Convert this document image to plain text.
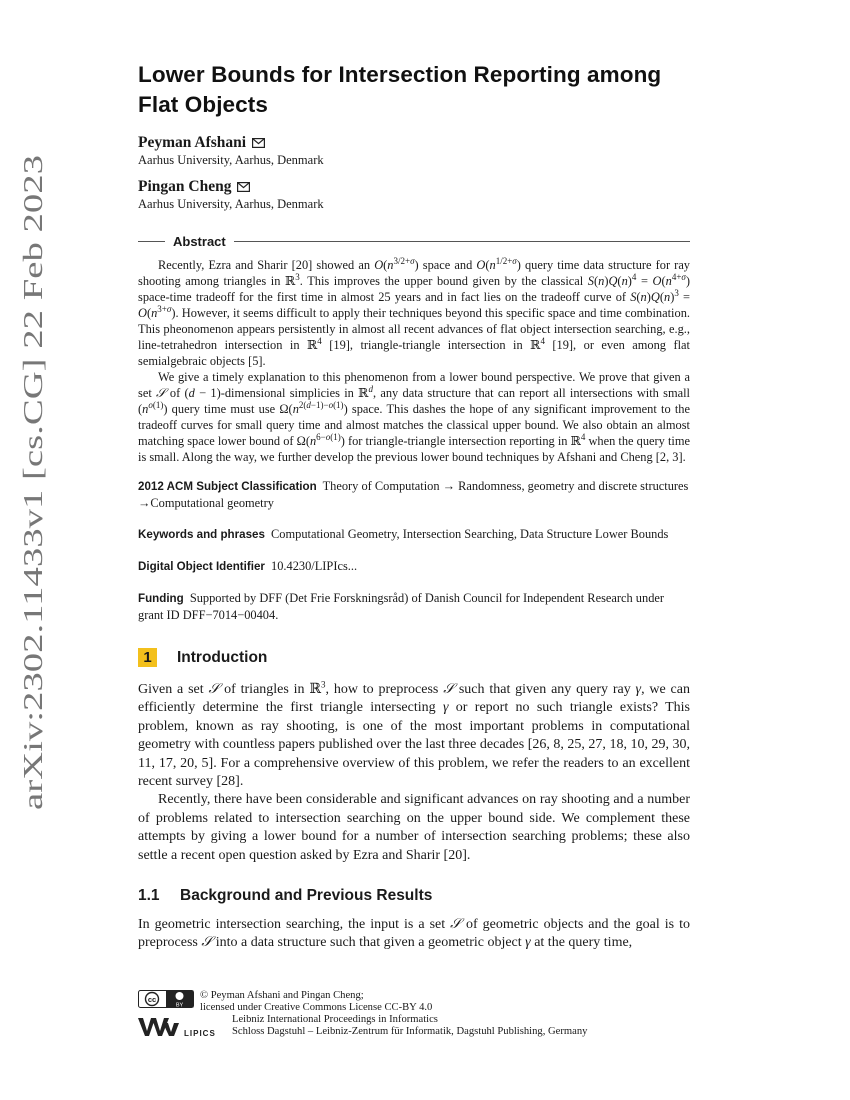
arXiv:2302.11433v1 [cs.CG] 22 Feb 2023
Lower Bounds for Intersection Reporting among Flat Objects
Peyman Afshani
Aarhus University, Aarhus, Denmark
Pingan Cheng
Aarhus University, Aarhus, Denmark
Abstract

Recently, Ezra and Sharir [20] showed an $O(n^{3/2+\sigma})$ space and $O(n^{1/2+\sigma})$ query time data structure for ray shooting among triangles in ℝ$^3$. This improves the upper bound given by the classical $S(n)Q(n)^4 = O(n^{4+\sigma})$ space-time tradeoff for the first time in almost 25 years and in fact lies on the tradeoff curve of $S(n)Q(n)^3 = O(n^{3+\sigma})$. However, it seems difficult to apply their techniques beyond this specific space and time combination. This pheonomenon appears persistently in almost all recent advances of flat object intersection searching, e.g., line-tetrahedron intersection in ℝ$^4$ [19], triangle-triangle intersection in ℝ$^4$ [19], or even among flat semialgebraic objects [5].

We give a timely explanation to this phenomenon from a lower bound perspective. We prove that given a set 𝒮 of (d − 1)-dimensional simplicies in ℝ$^d$, any data structure that can report all intersections with small $(n^{o(1)})$ query time must use $\Omega(n^{2(d-1)-o(1)})$ space. This dashes the hope of any significant improvement to the tradeoff curves for small query time and almost matches the classical upper bound. We also obtain an almost matching space lower bound of $\Omega(n^{6-o(1)})$ for triangle-triangle intersection reporting in ℝ$^4$ when the query time is small. Along the way, we further develop the previous lower bound techniques by Afshani and Cheng [2, 3].

2012 ACM Subject Classification Theory of Computation → Randomness, geometry and discrete structures →Computational geometry
Keywords and phrases Computational Geometry, Intersection Searching, Data Structure Lower Bounds
Digital Object Identifier 10.4230/LIPIcs...
Funding Supported by DFF (Det Frie Forskningsråd) of Danish Council for Independent Research under grant ID DFF−7014−00404.
1	Introduction

Given a set 𝒮 of triangles in ℝ$^3$, how to preprocess 𝒮 such that given any query ray γ, we can efficiently determine the first triangle intersecting γ or report no such triangle exists? This problem, known as ray shooting, is one of the most important problems in computational geometry with countless papers published over the last three decades [26, 8, 25, 27, 18, 10, 29, 30, 11, 17, 20, 5]. For a comprehensive overview of this problem, we refer the readers to an excellent recent survey [28].

Recently, there have been considerable and significant advances on ray shooting and a number of problems related to intersection searching on the upper bound side. We complement these attempts by giving a lower bound for a number of intersection searching problems; these also settle a recent open question asked by Ezra and Sharir [20].

1.1	Background and Previous Results

In geometric intersection searching, the input is a set 𝒮 of geometric objects and the goal is to preprocess 𝒮 into a data structure such that given a geometric object γ at the query time,

cc
BY
© Peyman Afshani and Pingan Cheng;
licensed under Creative Commons License CC-BY 4.0
LIPICS
Leibniz International Proceedings in Informatics
Schloss Dagstuhl – Leibniz-Zentrum für Informatik, Dagstuhl Publishing, Germany
